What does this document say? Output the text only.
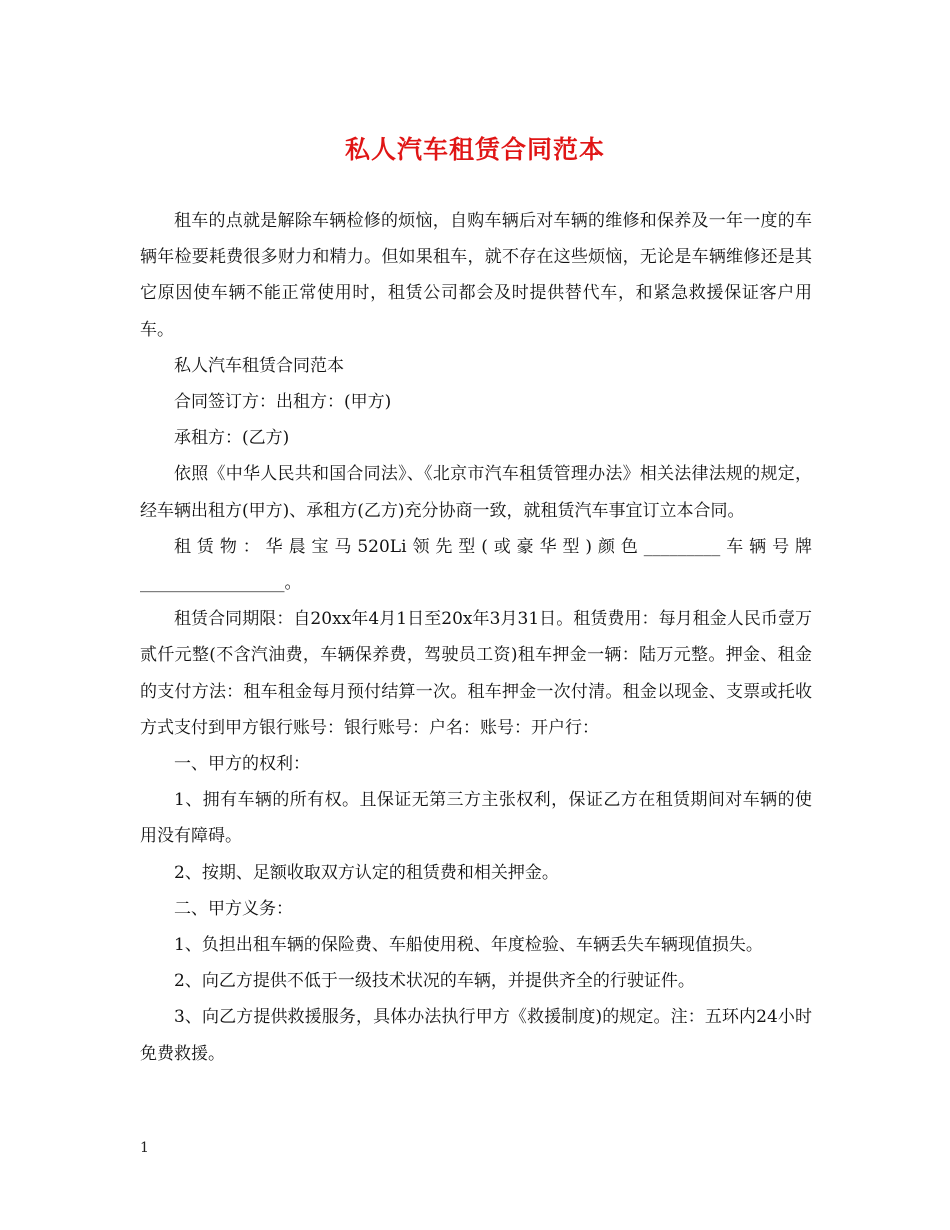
私人汽车租赁合同范本

租车的点就是解除车辆检修的烦恼，自购车辆后对车辆的维修和保养及一年一度的车辆年检要耗费很多财力和精力。但如果租车，就不存在这些烦恼，无论是车辆维修还是其它原因使车辆不能正常使用时，租赁公司都会及时提供替代车，和紧急救援保证客户用车。

私人汽车租赁合同范本

合同签订方：出租方：(甲方)

承租方：(乙方)

依照《中华人民共和国合同法》、《北京市汽车租赁管理办法》相关法律法规的规定，经车辆出租方(甲方)、承租方(乙方)充分协商一致，就租赁汽车事宜订立本合同。

租赁物：华晨宝马520Li领先型(或豪华型)颜色_________车辆号牌_________________。

租赁合同期限：自20xx年4月1日至20x年3月31日。租赁费用：每月租金人民币壹万贰仟元整(不含汽油费，车辆保养费，驾驶员工资)租车押金一辆：陆万元整。押金、租金的支付方法：租车租金每月预付结算一次。租车押金一次付清。租金以现金、支票或托收方式支付到甲方银行账号：银行账号：户名：账号：开户行：

一、甲方的权利：

1、拥有车辆的所有权。且保证无第三方主张权利，保证乙方在租赁期间对车辆的使用没有障碍。

2、按期、足额收取双方认定的租赁费和相关押金。

二、甲方义务：

1、负担出租车辆的保险费、车船使用税、年度检验、车辆丢失车辆现值损失。

2、向乙方提供不低于一级技术状况的车辆，并提供齐全的行驶证件。

3、向乙方提供救援服务，具体办法执行甲方《救援制度)的规定。注：五环内24小时免费救援。

1
